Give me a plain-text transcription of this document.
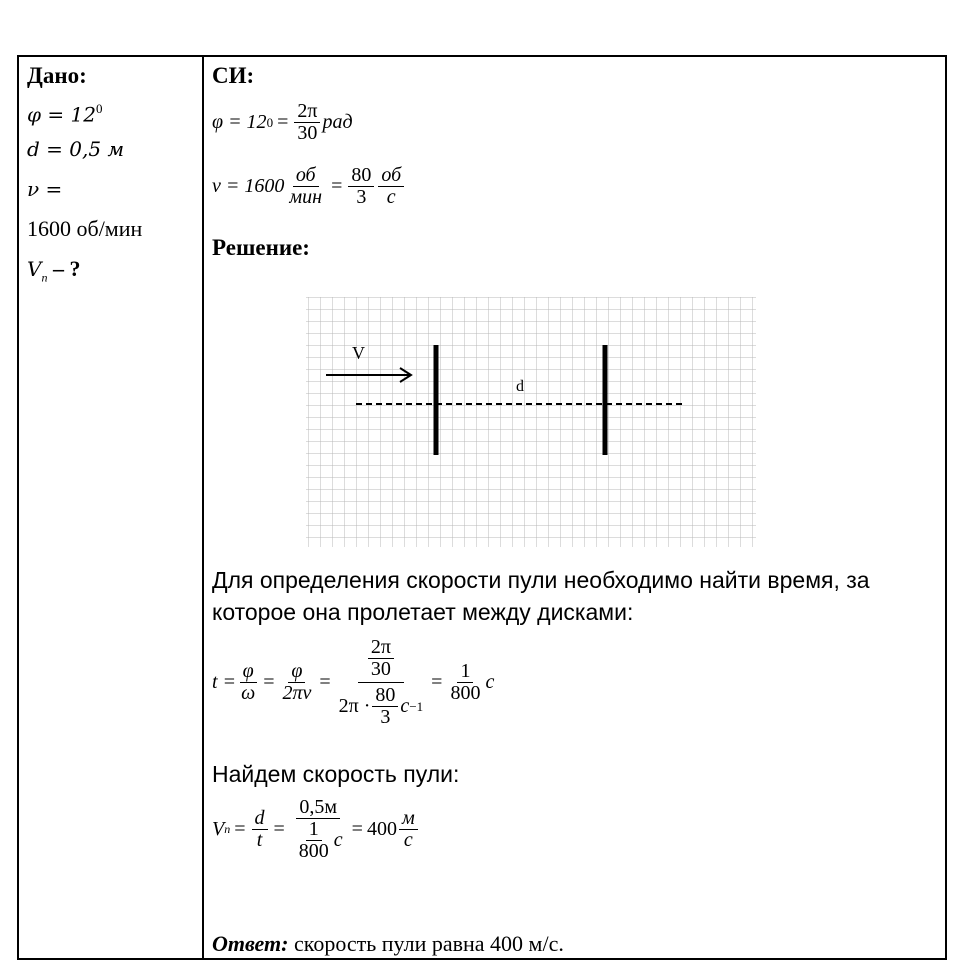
Дано:
$\varphi = 12^0$
d = 0,5 м
ν =
1600 об/мин
$V_п$ – ?
СИ:
φ = 12 $0 = \frac{2\pi}{30}$ рад
$\nu = 1600 \frac{об}{\text{мин}} = \frac{80}{3} \frac{об}{с}$
Решение:
V
d
Для определения скорости пули необходимо найти время, за
которое она пролетает между дисками:
$t = \frac{\varphi}{\omega} = \frac{\varphi}{2\pi\nu} = \frac{2\pi}{30}$
$2\pi \cdot \frac{80}{3}$ с −1
= $\frac{1}{800}$ с
Найдем скорость пули:
V $п = \frac{d}{t} = \frac{0,5м}{\frac{1}{800} с} = 400 \frac{м}{с}$
Ответ: скорость пули равна 400 м/с.
